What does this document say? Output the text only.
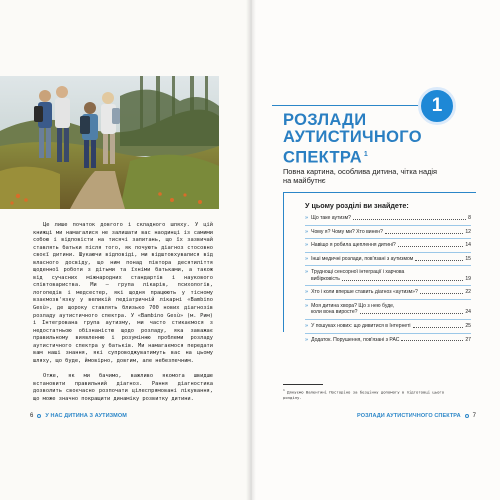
Це лише початок довгого і складного шляху. У цій книжці ми намагалися не залишати вас наодинці із самими собою і відповісти на тисячі запитань, що їх зазвичай ставлять батьки після того, як почують діагноз стосовно своєї дитини. Шукаючи відповіді, ми відштовхувалися від власного досвіду, що ним понад півтора десятиліття щоденної роботи з дітьми та їхніми батьками, а також від сучасних міжнародних стандартів і наукового співтовариства. Ми — група лікарів, психологів, логопедів і медсестер, які щодня працюють у тісному взаємозв'язку у великій педіатричній лікарні «Bambino Gesù», де щороку ставлять близько 700 нових діагнозів розладу аутистичного спектра. У «Bambino Gesù» (м. Рим) і Інтегрована група аутизму, ми часто стикаємося з недостатньою обізнаністю щодо розладу, яка заважає правильному виявленню і розумінню проблеми розладу аутистичного спектра у батьків. Ми намагаємося передати вам наші знання, які супроводжуватимуть вас на цьому шляху, що буде, ймовірно, довгим, але небезпечним.

Отже, як ми бачимо, важливо якомога швидше встановити правильний діагноз. Рання діагностика дозволить своєчасно розпочати цілеспрямовані лікування, що може значно покращити динаміку розвитку дитини.

6 У НАС ДИТИНА З АУТИЗМОМ
1
РОЗЛАДИ АУТИСТИЧНОГО СПЕКТРА $^1$
Повна картина, особлива дитина, чітка надія на майбутнє
У цьому розділі ви знайдете:
» Що таке аутизм?	8
» Чому я? Чому ми? Хто винен?	12
» Навіщо я робила щеплення дитині?	14
» Інші медичні розлади, пов'язані з аутизмом	15
» Труднощі сенсорної інтеграції і харчова
вибірковість	19
» Хто і коли вперше ставить діагноз «аутизм»?	22
» Моя дитина хвора? Що з нею буде,
коли вона виросте?	24
» У пошуках нових: що дивитися в Інтернеті	25
» Додаток. Порушення, пов'язані з РАС	27
$^1$ Дякуємо Валентині Посторіно за безцінну допомогу в підготовці цього розділу.
РОЗЛАДИ АУТИСТИЧНОГО СПЕКТРА 7
